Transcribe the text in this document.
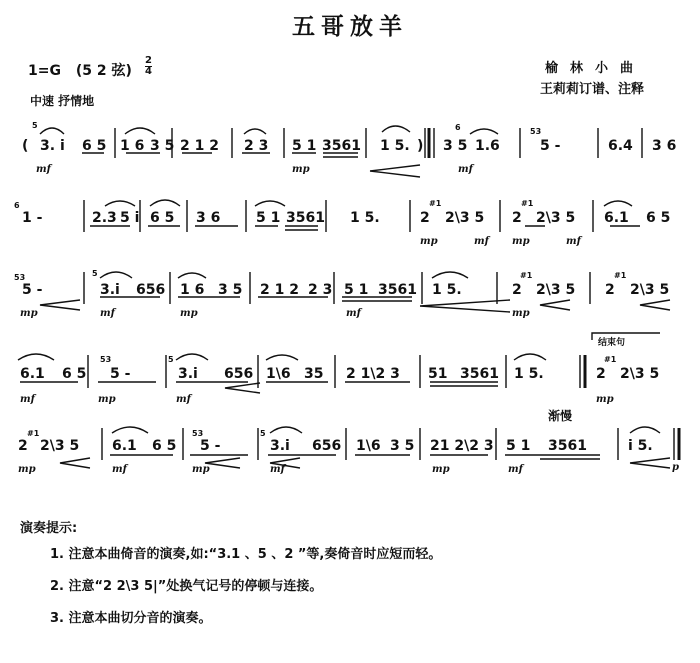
五哥放羊
1=G (5 2 弦)
2
4
中速 抒情地
榆林小曲
王莉莉订谱、注释
( 3. i 6 5 1 6 3 5 2 1 2 2 3 5 1 3561 1 5. ) 3 5 1.6	5 -	6.4 3 6
mf	mp	mf
1 -	2.3 5 i 6 5 3 6	5 1 3561 1 5.	2 2\3 5 2 2\3 5 6.1 6 5
mp	mf mp	mf
5 -	3.i 656 1 6 3 5 2 1 2 2 3 5 1 3561 1 5.	2 2\3 5 2 2\3 5
mp	mf	mp	mf	mp
6.1 6 5 5 -	3.i 656 1\6 35 2 1\2 3 51 3561 1 5.	2 2\3 5
mf	mp	mf	mp
2 2\3 5 6.1 6 5 5 -	3.i 656 1\6 3 5 21 2\2 3 5 1 3561	i 5.
mp	mf	mp	mf	mp	mf	p
5	6	53
6	#1	#1
53	5	#1	#1
53	5	#1
#1	53	5
结束句
渐慢
演奏提示:
1. 注意本曲倚音的演奏,如:“3.1 、5 、2 ”等,奏倚音时应短而轻。
2. 注意“2 2\3 5|”处换气记号的停顿与连接。
3. 注意本曲切分音的演奏。
